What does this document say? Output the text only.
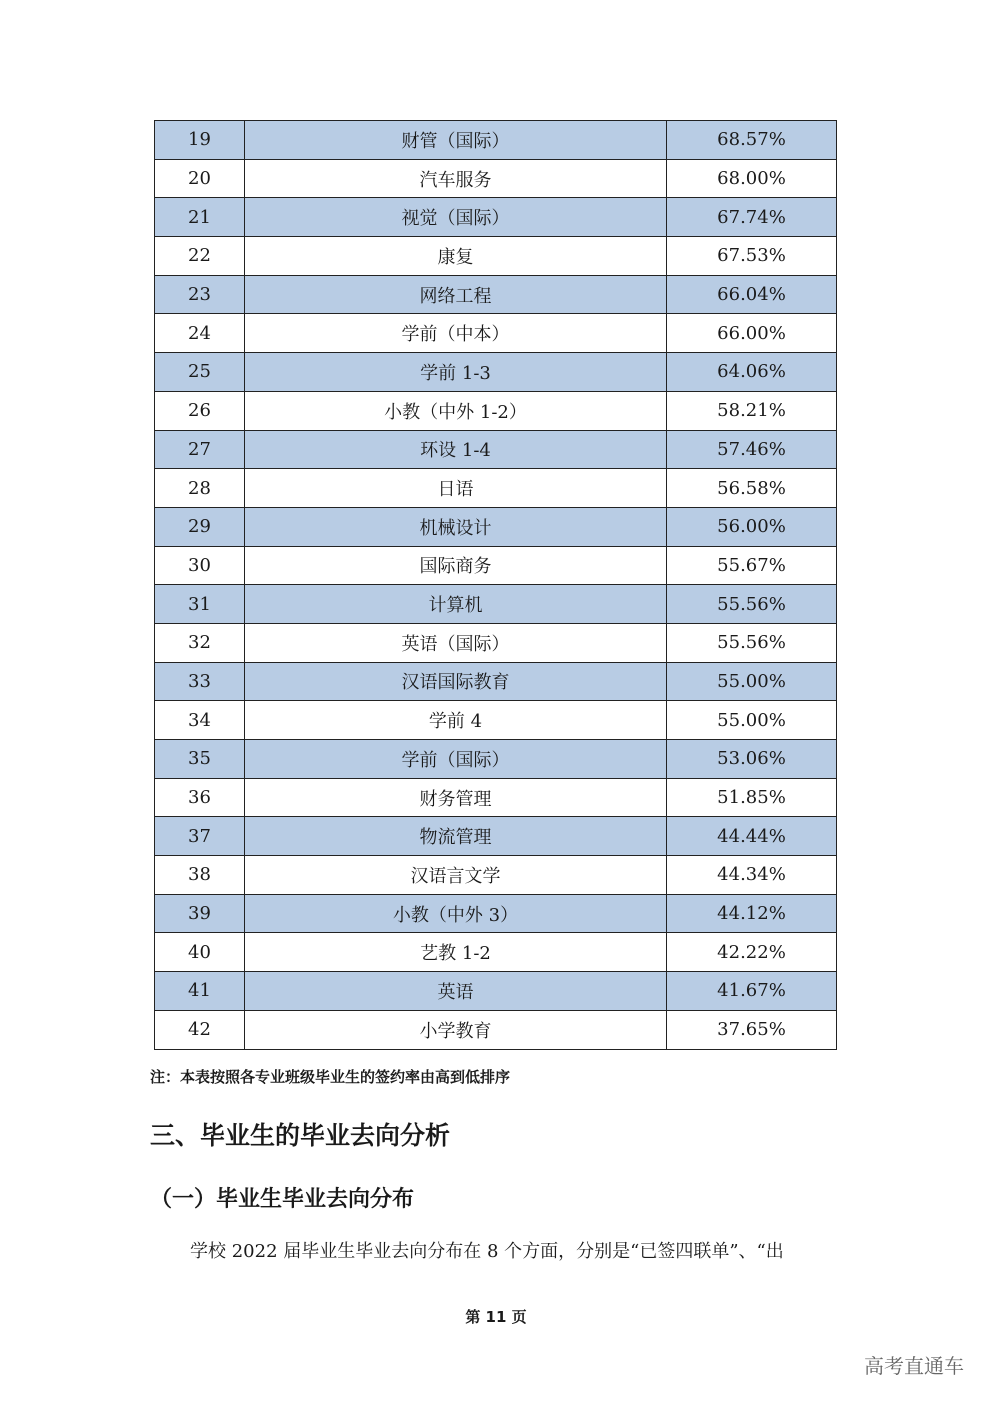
19	财管（国际）	68.57%
20	汽车服务	68.00%
21	视觉（国际）	67.74%
22	康复	67.53%
23	网络工程	66.04%
24	学前（中本）	66.00%
25	学前 1-3	64.06%
26	小教（中外 1-2）	58.21%
27	环设 1-4	57.46%
28	日语	56.58%
29	机械设计	56.00%
30	国际商务	55.67%
31	计算机	55.56%
32	英语（国际）	55.56%
33	汉语国际教育	55.00%
34	学前 4	55.00%
35	学前（国际）	53.06%
36	财务管理	51.85%
37	物流管理	44.44%
38	汉语言文学	44.34%
39	小教（中外 3）	44.12%
40	艺教 1-2	42.22%
41	英语	41.67%
42	小学教育	37.65%
注：本表按照各专业班级毕业生的签约率由高到低排序
三、毕业生的毕业去向分析
（一）毕业生毕业去向分布
学校 2022 届毕业生毕业去向分布在 8 个方面，分别是“已签四联单”、“出
第 11 页
高考直通车
